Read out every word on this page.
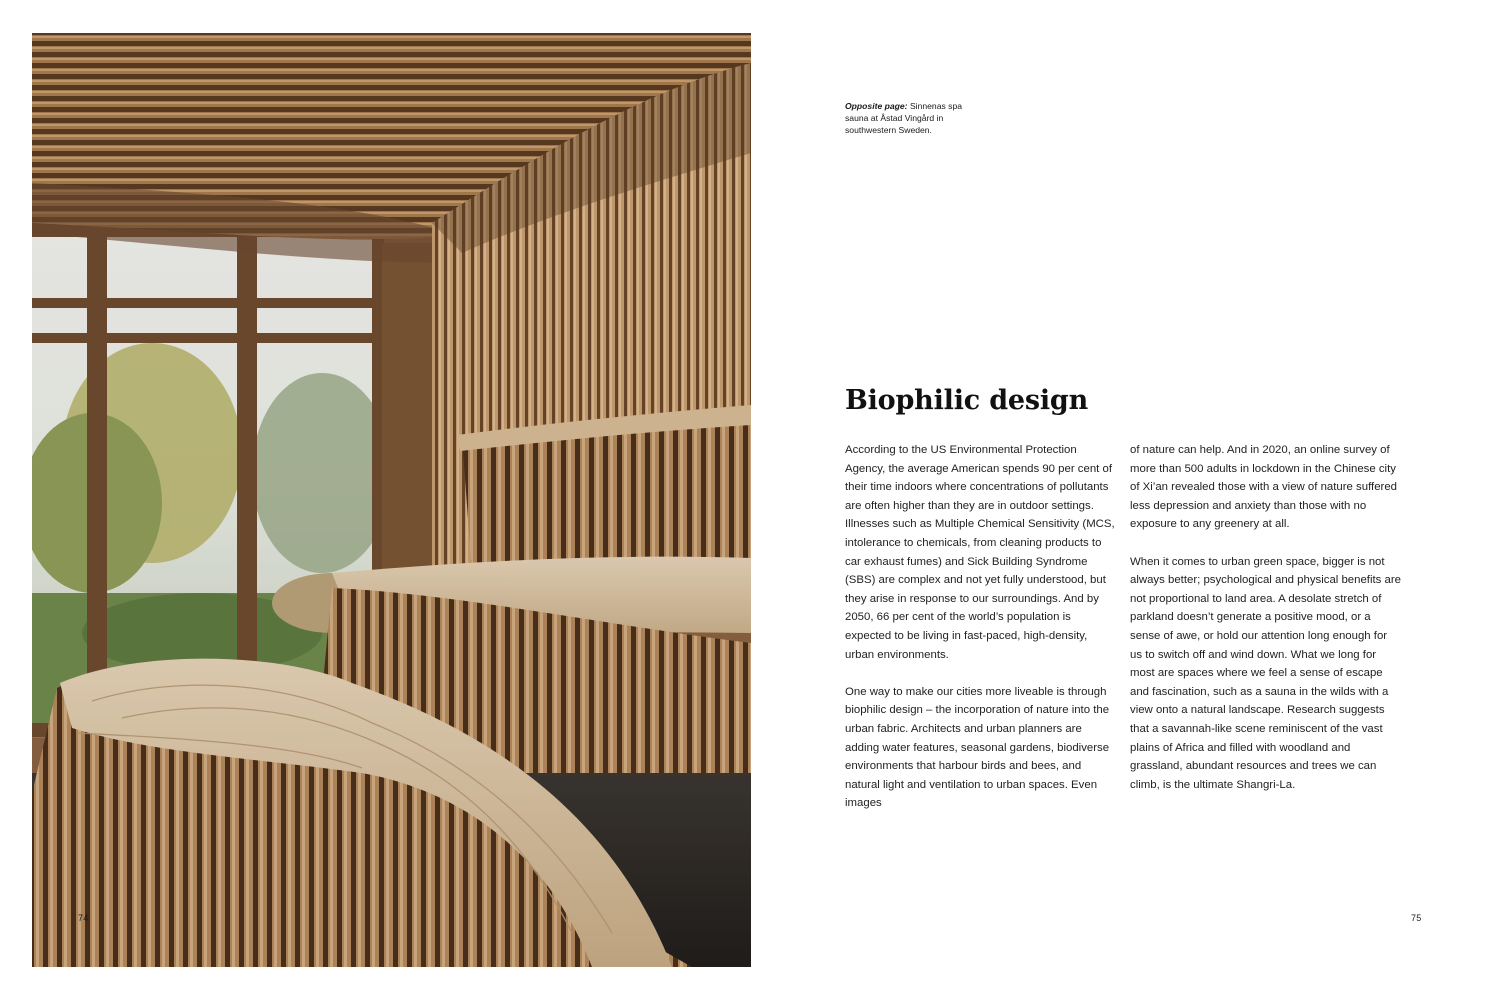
74
Opposite page: Sinnenas spa sauna at Åstad Vingård in southwestern Sweden.
Biophilic design

According to the US Environmental Protection Agency, the average American spends 90 per cent of their time indoors where concentrations of pollutants are often higher than they are in outdoor settings. Illnesses such as Multiple Chemical Sensitivity (MCS, intolerance to chemicals, from cleaning products to car exhaust fumes) and Sick Building Syndrome (SBS) are complex and not yet fully understood, but they arise in response to our surroundings. And by 2050, 66 per cent of the world’s population is expected to be living in fast-paced, high-density, urban environments.

One way to make our cities more liveable is through biophilic design – the incorporation of nature into the urban fabric. Architects and urban planners are adding water features, seasonal gardens, biodiverse environments that harbour birds and bees, and natural light and ventilation to urban spaces. Even images

of nature can help. And in 2020, an online survey of more than 500 adults in lockdown in the Chinese city of Xi’an revealed those with a view of nature suffered less depression and anxiety than those with no exposure to any greenery at all.

When it comes to urban green space, bigger is not always better; psychological and physical benefits are not proportional to land area. A desolate stretch of parkland doesn’t generate a positive mood, or a sense of awe, or hold our attention long enough for us to switch off and wind down. What we long for most are spaces where we feel a sense of escape and fascination, such as a sauna in the wilds with a view onto a natural landscape. Research suggests that a savannah-like scene reminiscent of the vast plains of Africa and filled with woodland and grassland, abundant resources and trees we can climb, is the ultimate Shangri-La.

75
